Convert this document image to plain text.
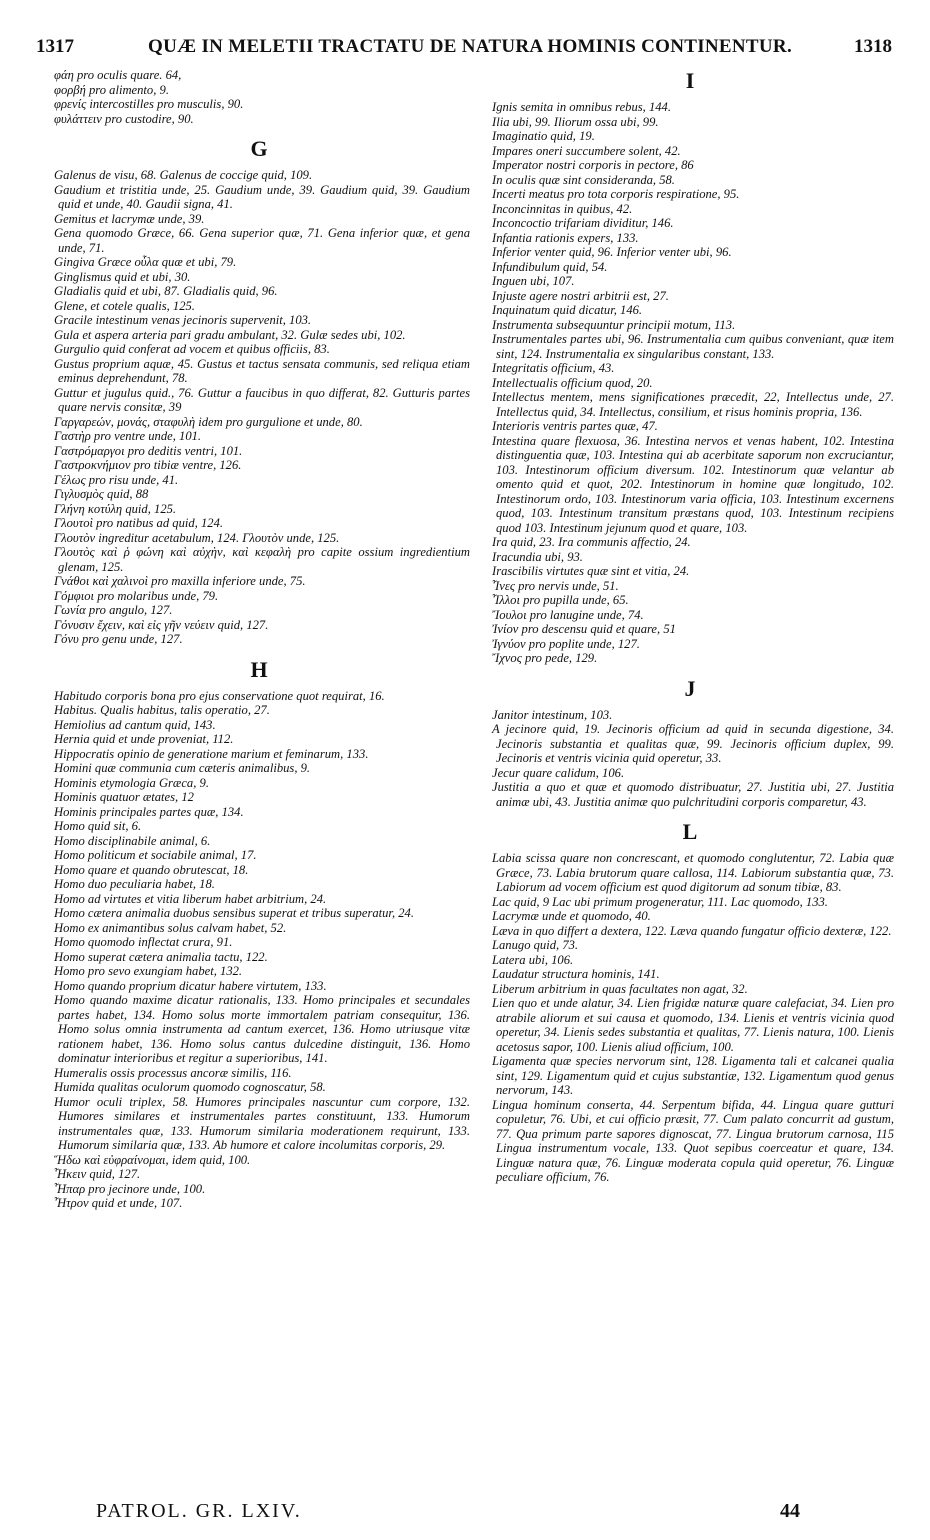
1317	QUÆ IN MELETII TRACTATU DE NATURA HOMINIS CONTINENTUR.	1318

φάη pro oculis quare. 64,

φορβή pro alimento, 9.

φρενίς intercostilles pro musculis, 90.

φυλάττειν pro custodire, 90.

G

Galenus de visu, 68. Galenus de coccige quid, 109.

Gaudium et tristitia unde, 25. Gaudium unde, 39. Gaudium quid, 39. Gaudium quid et unde, 40. Gaudii signa, 41.

Gemitus et lacrymæ unde, 39.

Gena quomodo Græce, 66. Gena superior quæ, 71. Gena inferior quæ, et gena unde, 71.

Gingiva Græce οὖλα quæ et ubi, 79.

Ginglismus quid et ubi, 30.

Gladialis quid et ubi, 87. Gladialis quid, 96.

Glene, et cotele qualis, 125.

Gracile intestinum venas jecinoris supervenit, 103.

Gula et aspera arteria pari gradu ambulant, 32. Gulæ sedes ubi, 102.

Gurgulio quid conferat ad vocem et quibus officiis, 83.

Gustus proprium aquæ, 45. Gustus et tactus sensata communis, sed reliqua etiam eminus deprehendunt, 78.

Guttur et jugulus quid., 76. Guttur a faucibus in quo differat, 82. Gutturis partes quare nervis consitæ, 39

Γαργαρεών, μονάς, σταφυλὴ idem pro gurgulione et unde, 80.

Γαστὴρ pro ventre unde, 101.

Γαστρόμαργοι pro deditis ventri, 101.

Γαστροκνήμιον pro tibiæ ventre, 126.

Γέλως pro risu unde, 41.

Γιγλυσμὸς quid, 88

Γλήνη κοτύλη quid, 125.

Γλουτοὶ pro natibus ad quid, 124.

Γλουτὸν ingreditur acetabulum, 124. Γλουτὸν unde, 125.

Γλουτὸς καὶ ῥ φώνη καὶ αὐχὴν, καὶ κεφαλὴ pro capite ossium ingredientium glenam, 125.

Γνάθοι καὶ χαλινοὶ pro maxilla inferiore unde, 75.

Γόμφιοι pro molaribus unde, 79.

Γωνία pro angulo, 127.

Γόνυσιν ἔχειν, καὶ εἰς γῆν νεύειν quid, 127.

Γόνυ pro genu unde, 127.

H

Habitudo corporis bona pro ejus conservatione quot requirat, 16.

Habitus. Qualis habitus, talis operatio, 27.

Hemiolius ad cantum quid, 143.

Hernia quid et unde proveniat, 112.

Hippocratis opinio de generatione marium et feminarum, 133.

Homini quæ communia cum cæteris animalibus, 9.

Hominis etymologia Græca, 9.

Hominis quatuor ætates, 12

Hominis principales partes quæ, 134.

Homo quid sit, 6.

Homo disciplinabile animal, 6.

Homo politicum et sociabile animal, 17.

Homo quare et quando obrutescat, 18.

Homo duo peculiaria habet, 18.

Homo ad virtutes et vitia liberum habet arbitrium, 24.

Homo cætera animalia duobus sensibus superat et tribus superatur, 24.

Homo ex animantibus solus calvam habet, 52.

Homo quomodo inflectat crura, 91.

Homo superat cætera animalia tactu, 122.

Homo pro sevo exungiam habet, 132.

Homo quando proprium dicatur habere virtutem, 133.

Homo quando maxime dicatur rationalis, 133. Homo principales et secundales partes habet, 134. Homo solus morte immortalem patriam consequitur, 136. Homo solus omnia instrumenta ad cantum exercet, 136. Homo utriusque vitæ rationem habet, 136. Homo solus cantus dulcedine distinguit, 136. Homo dominatur interioribus et regitur a superioribus, 141.

Humeralis ossis processus ancoræ similis, 116.

Humida qualitas oculorum quomodo cognoscatur, 58.

Humor oculi triplex, 58. Humores principales nascuntur cum corpore, 132. Humores similares et instrumentales partes constituunt, 133. Humorum instrumentales quæ, 133. Humorum similaria moderationem requirunt, 133. Humorum similaria quæ, 133. Ab humore et calore incolumitas corporis, 29.

Ἥδω καὶ εὐφραίνομαι, idem quid, 100.

Ἧκειν quid, 127.

Ἧπαρ pro jecinore unde, 100.

Ἦτρον quid et unde, 107.

I

Ignis semita in omnibus rebus, 144.

Ilia ubi, 99. Iliorum ossa ubi, 99.

Imaginatio quid, 19.

Impares oneri succumbere solent, 42.

Imperator nostri corporis in pectore, 86

In oculis quæ sint consideranda, 58.

Incerti meatus pro tota corporis respiratione, 95.

Inconcinnitas in quibus, 42.

Inconcoctio trifariam dividitur, 146.

Infantia rationis expers, 133.

Inferior venter quid, 96. Inferior venter ubi, 96.

Infundibulum quid, 54.

Inguen ubi, 107.

Injuste agere nostri arbitrii est, 27.

Inquinatum quid dicatur, 146.

Instrumenta subsequuntur principii motum, 113.

Instrumentales partes ubi, 96. Instrumentalia cum quibus conveniant, quæ item sint, 124. Instrumentalia ex singularibus constant, 133.

Integritatis officium, 43.

Intellectualis officium quod, 20.

Intellectus mentem, mens significationes præcedit, 22, Intellectus unde, 27. Intellectus quid, 34. Intellectus, consilium, et risus hominis propria, 136.

Interioris ventris partes quæ, 47.

Intestina quare flexuosa, 36. Intestina nervos et venas habent, 102. Intestina distinguentia quæ, 103. Intestina qui ab acerbitate saporum non excruciantur, 103. Intestinorum officium diversum. 102. Intestinorum quæ velantur ab omento quid et quot, 202. Intestinorum in homine quæ longitudo, 102. Intestinorum ordo, 103. Intestinorum varia officia, 103. Intestinum excernens quod, 103. Intestinum transitum præstans quod, 103. Intestinum recipiens quod 103. Intestinum jejunum quod et quare, 103.

Ira quid, 23. Ira communis affectio, 24.

Iracundia ubi, 93.

Irascibilis virtutes quæ sint et vitia, 24.

Ἶνες pro nervis unde, 51.

Ἶλλοι pro pupilla unde, 65.

Ἴουλοι pro lanugine unde, 74.

Ἰνίον pro descensu quid et quare, 51

Ἰγνύον pro poplite unde, 127.

Ἴχνος pro pede, 129.

J

Janitor intestinum, 103.

A jecinore quid, 19. Jecinoris officium ad quid in secunda digestione, 34. Jecinoris substantia et qualitas quæ, 99. Jecinoris officium duplex, 99. Jecinoris et ventris vicinia quid operetur, 33.

Jecur quare calidum, 106.

Justitia a quo et quæ et quomodo distribuatur, 27. Justitia ubi, 27. Justitia animæ ubi, 43. Justitia animæ quo pulchritudini corporis comparetur, 43.

L

Labia scissa quare non concrescant, et quomodo conglutentur, 72. Labia quæ Græce, 73. Labia brutorum quare callosa, 114. Labiorum substantia quæ, 73. Labiorum ad vocem officium est quod digitorum ad sonum tibiæ, 83.

Lac quid, 9 Lac ubi primum progeneratur, 111. Lac quomodo, 133.

Lacrymæ unde et quomodo, 40.

Læva in quo differt a dextera, 122. Læva quando fungatur officio dexteræ, 122.

Lanugo quid, 73.

Latera ubi, 106.

Laudatur structura hominis, 141.

Liberum arbitrium in quas facultates non agat, 32.

Lien quo et unde alatur, 34. Lien frigidæ naturæ quare calefaciat, 34. Lien pro atrabile aliorum et sui causa et quomodo, 134. Lienis et ventris vicinia quod operetur, 34. Lienis sedes substantia et qualitas, 77. Lienis natura, 100. Lienis acetosus sapor, 100. Lienis aliud officium, 100.

Ligamenta quæ species nervorum sint, 128. Ligamenta tali et calcanei qualia sint, 129. Ligamentum quid et cujus substantiæ, 132. Ligamentum quod genus nervorum, 143.

Lingua hominum conserta, 44. Serpentum bifida, 44. Lingua quare gutturi copuletur, 76. Ubi, et cui officio præsit, 77. Cum palato concurrit ad gustum, 77. Qua primum parte sapores dignoscat, 77. Lingua brutorum carnosa, 115 Lingua instrumentum vocale, 133. Quot sepibus coerceatur et quare, 134. Linguæ natura quæ, 76. Linguæ moderata copula quid operetur, 76. Linguæ peculiare officium, 76.

PATROL. GR. LXIV.	44
